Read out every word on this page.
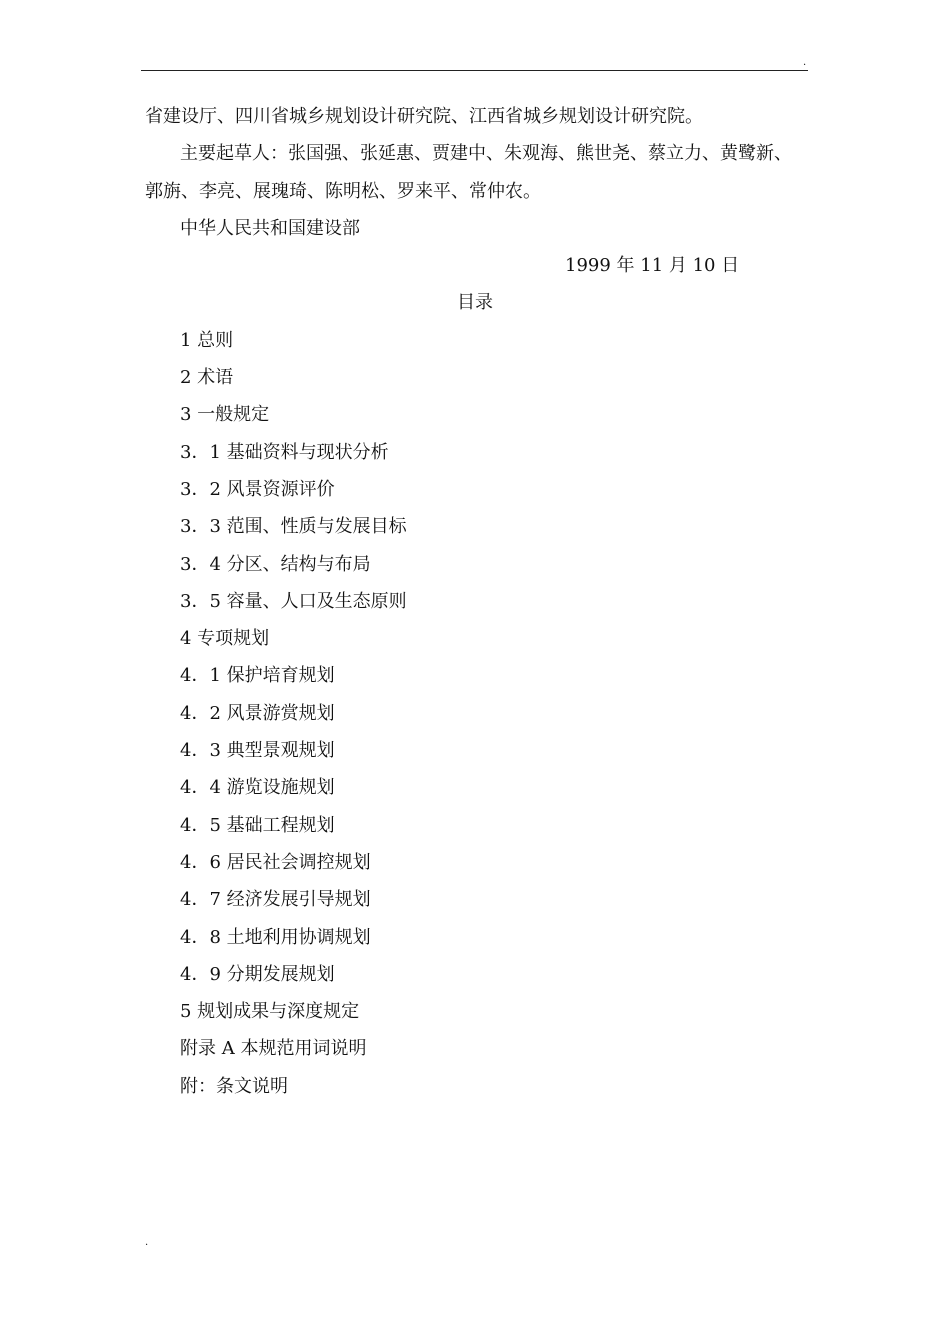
.
省建设厅、四川省城乡规划设计研究院、江西省城乡规划设计研究院。
主要起草人：张国强、张延惠、贾建中、朱观海、熊世尧、蔡立力、黄鹭新、
郭旃、李亮、展瑰琦、陈明松、罗来平、常仲农。
中华人民共和国建设部
1999 年 11 月 10 日
目录
1 总则
2 术语
3 一般规定
3．1 基础资料与现状分析
3．2 风景资源评价
3．3 范围、性质与发展目标
3．4 分区、结构与布局
3．5 容量、人口及生态原则
4 专项规划
4．1 保护培育规划
4．2 风景游赏规划
4．3 典型景观规划
4．4 游览设施规划
4．5 基础工程规划
4．6 居民社会调控规划
4．7 经济发展引导规划
4．8 土地利用协调规划
4．9 分期发展规划
5 规划成果与深度规定
附录 A 本规范用词说明
附：条文说明
.
